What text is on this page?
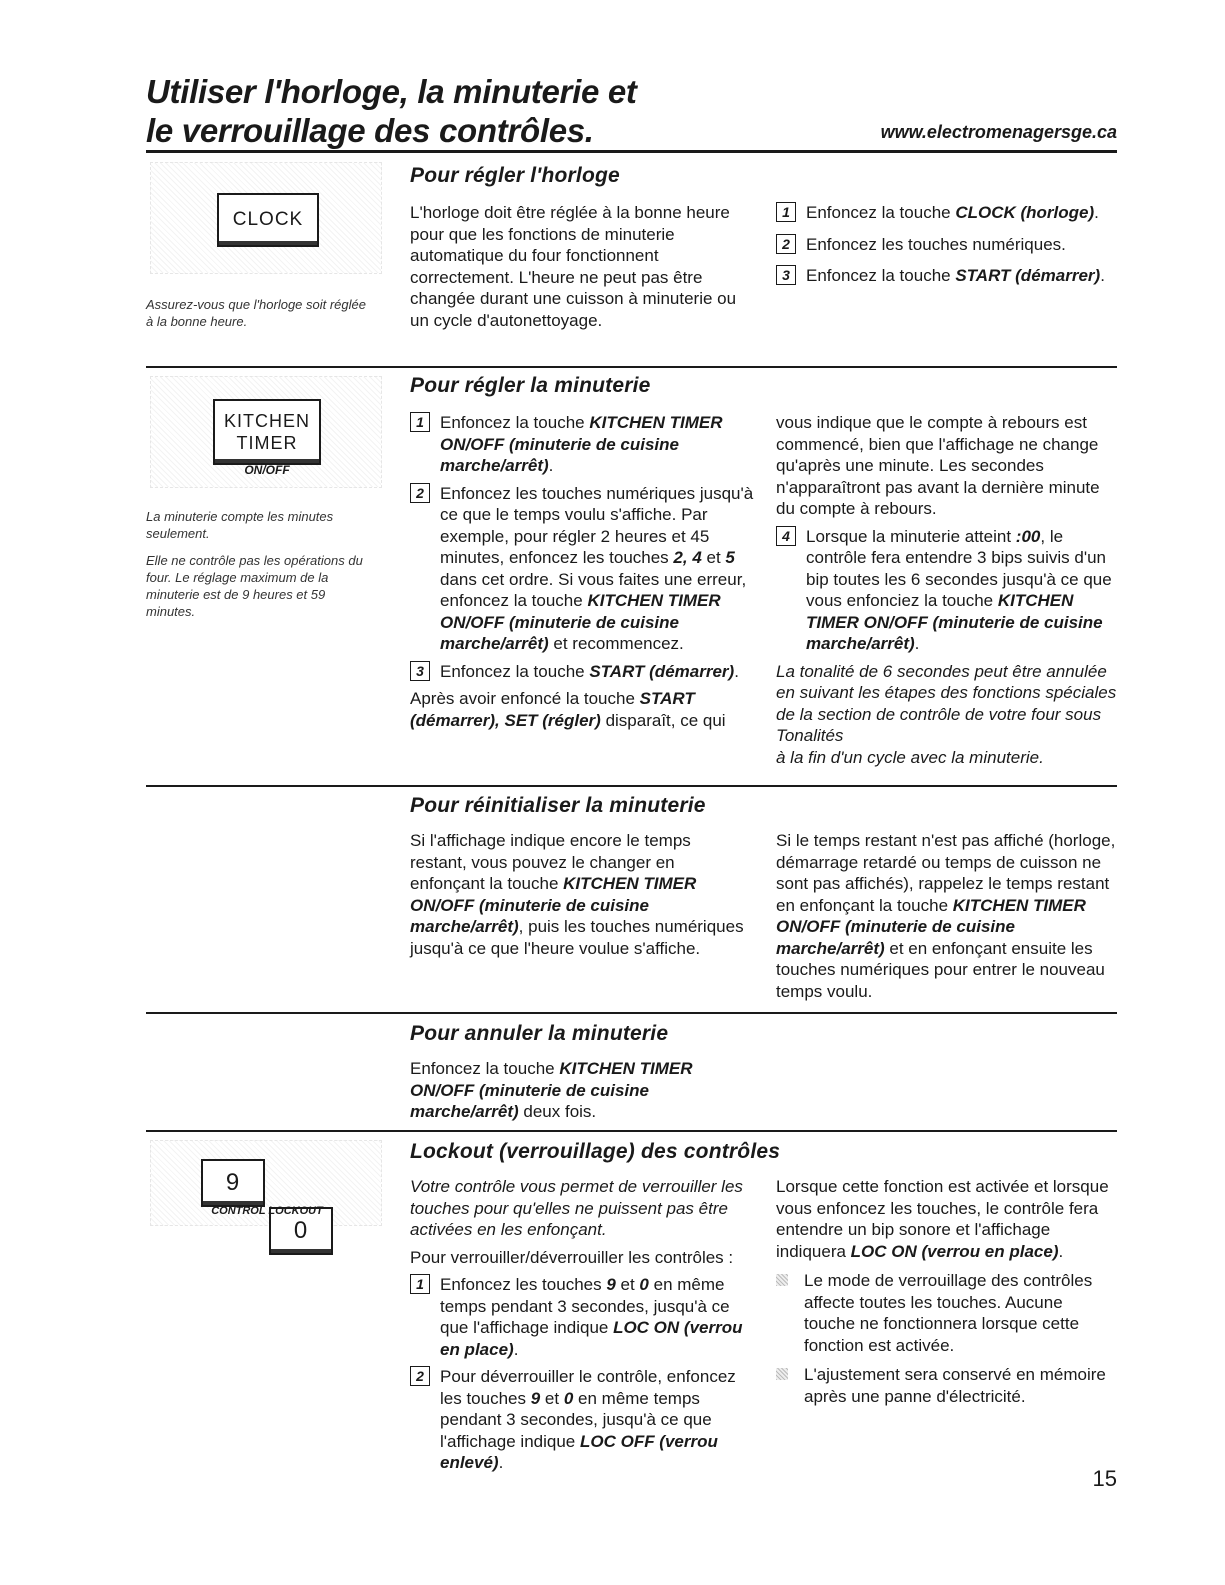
Utiliser l'horloge, la minuterie et
le verrouillage des contrôles.	www.electromenagersge.ca
CLOCK
Assurez-vous que l'horloge soit réglée à la bonne heure.
Pour régler l'horloge
L'horloge doit être réglée à la bonne heure pour que les fonctions de minuterie automatique du four fonctionnent correctement. L'heure ne peut pas être changée durant une cuisson à minuterie ou un cycle d'autonettoyage.
1 Enfoncez la touche CLOCK (horloge).
2 Enfoncez les touches numériques.
3 Enfoncez la touche START (démarrer).
KITCHEN
TIMER
ON/OFF

La minuterie compte les minutes seulement.

Elle ne contrôle pas les opérations du four. Le réglage maximum de la minuterie est de 9 heures et 59 minutes.

Pour régler la minuterie
1 Enfoncez la touche KITCHEN TIMER ON/OFF (minuterie de cuisine marche/arrêt).
2 Enfoncez les touches numériques jusqu'à ce que le temps voulu s'affiche. Par exemple, pour régler 2 heures et 45 minutes, enfoncez les touches 2, 4 et 5 dans cet ordre. Si vous faites une erreur, enfoncez la touche KITCHEN TIMER ON/OFF (minuterie de cuisine marche/arrêt) et recommencez.
3 Enfoncez la touche START (démarrer).
Après avoir enfoncé la touche START (démarrer), SET (régler) disparaît, ce qui

vous indique que le compte à rebours est commencé, bien que l'affichage ne change qu'après une minute. Les secondes n'apparaîtront pas avant la dernière minute du compte à rebours.

4 Lorsque la minuterie atteint :00, le contrôle fera entendre 3 bips suivis d'un bip toutes les 6 secondes jusqu'à ce que vous enfonciez la touche KITCHEN TIMER ON/OFF (minuterie de cuisine marche/arrêt).
La tonalité de 6 secondes peut être annulée en suivant les étapes des fonctions spéciales de la section de contrôle de votre four sous Tonalités
à la fin d'un cycle avec la minuterie.
Pour réinitialiser la minuterie
Si l'affichage indique encore le temps restant, vous pouvez le changer en enfonçant la touche KITCHEN TIMER ON/OFF (minuterie de cuisine marche/arrêt), puis les touches numériques jusqu'à ce que l'heure voulue s'affiche.
Si le temps restant n'est pas affiché (horloge, démarrage retardé ou temps de cuisson ne sont pas affichés), rappelez le temps restant en enfonçant la touche KITCHEN TIMER ON/OFF (minuterie de cuisine marche/arrêt) et en enfonçant ensuite les touches numériques pour entrer le nouveau temps voulu.
Pour annuler la minuterie
Enfoncez la touche KITCHEN TIMER ON/OFF (minuterie de cuisine marche/arrêt) deux fois.
9
0
CONTROL LOCKOUT
Lockout (verrouillage) des contrôles

Votre contrôle vous permet de verrouiller les touches pour qu'elles ne puissent pas être activées en les enfonçant.

Pour verrouiller/déverrouiller les contrôles :

1 Enfoncez les touches 9 et 0 en même temps pendant 3 secondes, jusqu'à ce que l'affichage indique LOC ON (verrou en place).
2 Pour déverrouiller le contrôle, enfoncez les touches 9 et 0 en même temps pendant 3 secondes, jusqu'à ce que l'affichage indique LOC OFF (verrou enlevé).

Lorsque cette fonction est activée et lorsque vous enfoncez les touches, le contrôle fera entendre un bip sonore et l'affichage indiquera LOC ON (verrou en place).

Le mode de verrouillage des contrôles affecte toutes les touches. Aucune touche ne fonctionnera lorsque cette fonction est activée.
L'ajustement sera conservé en mémoire après une panne d'électricité.
15
